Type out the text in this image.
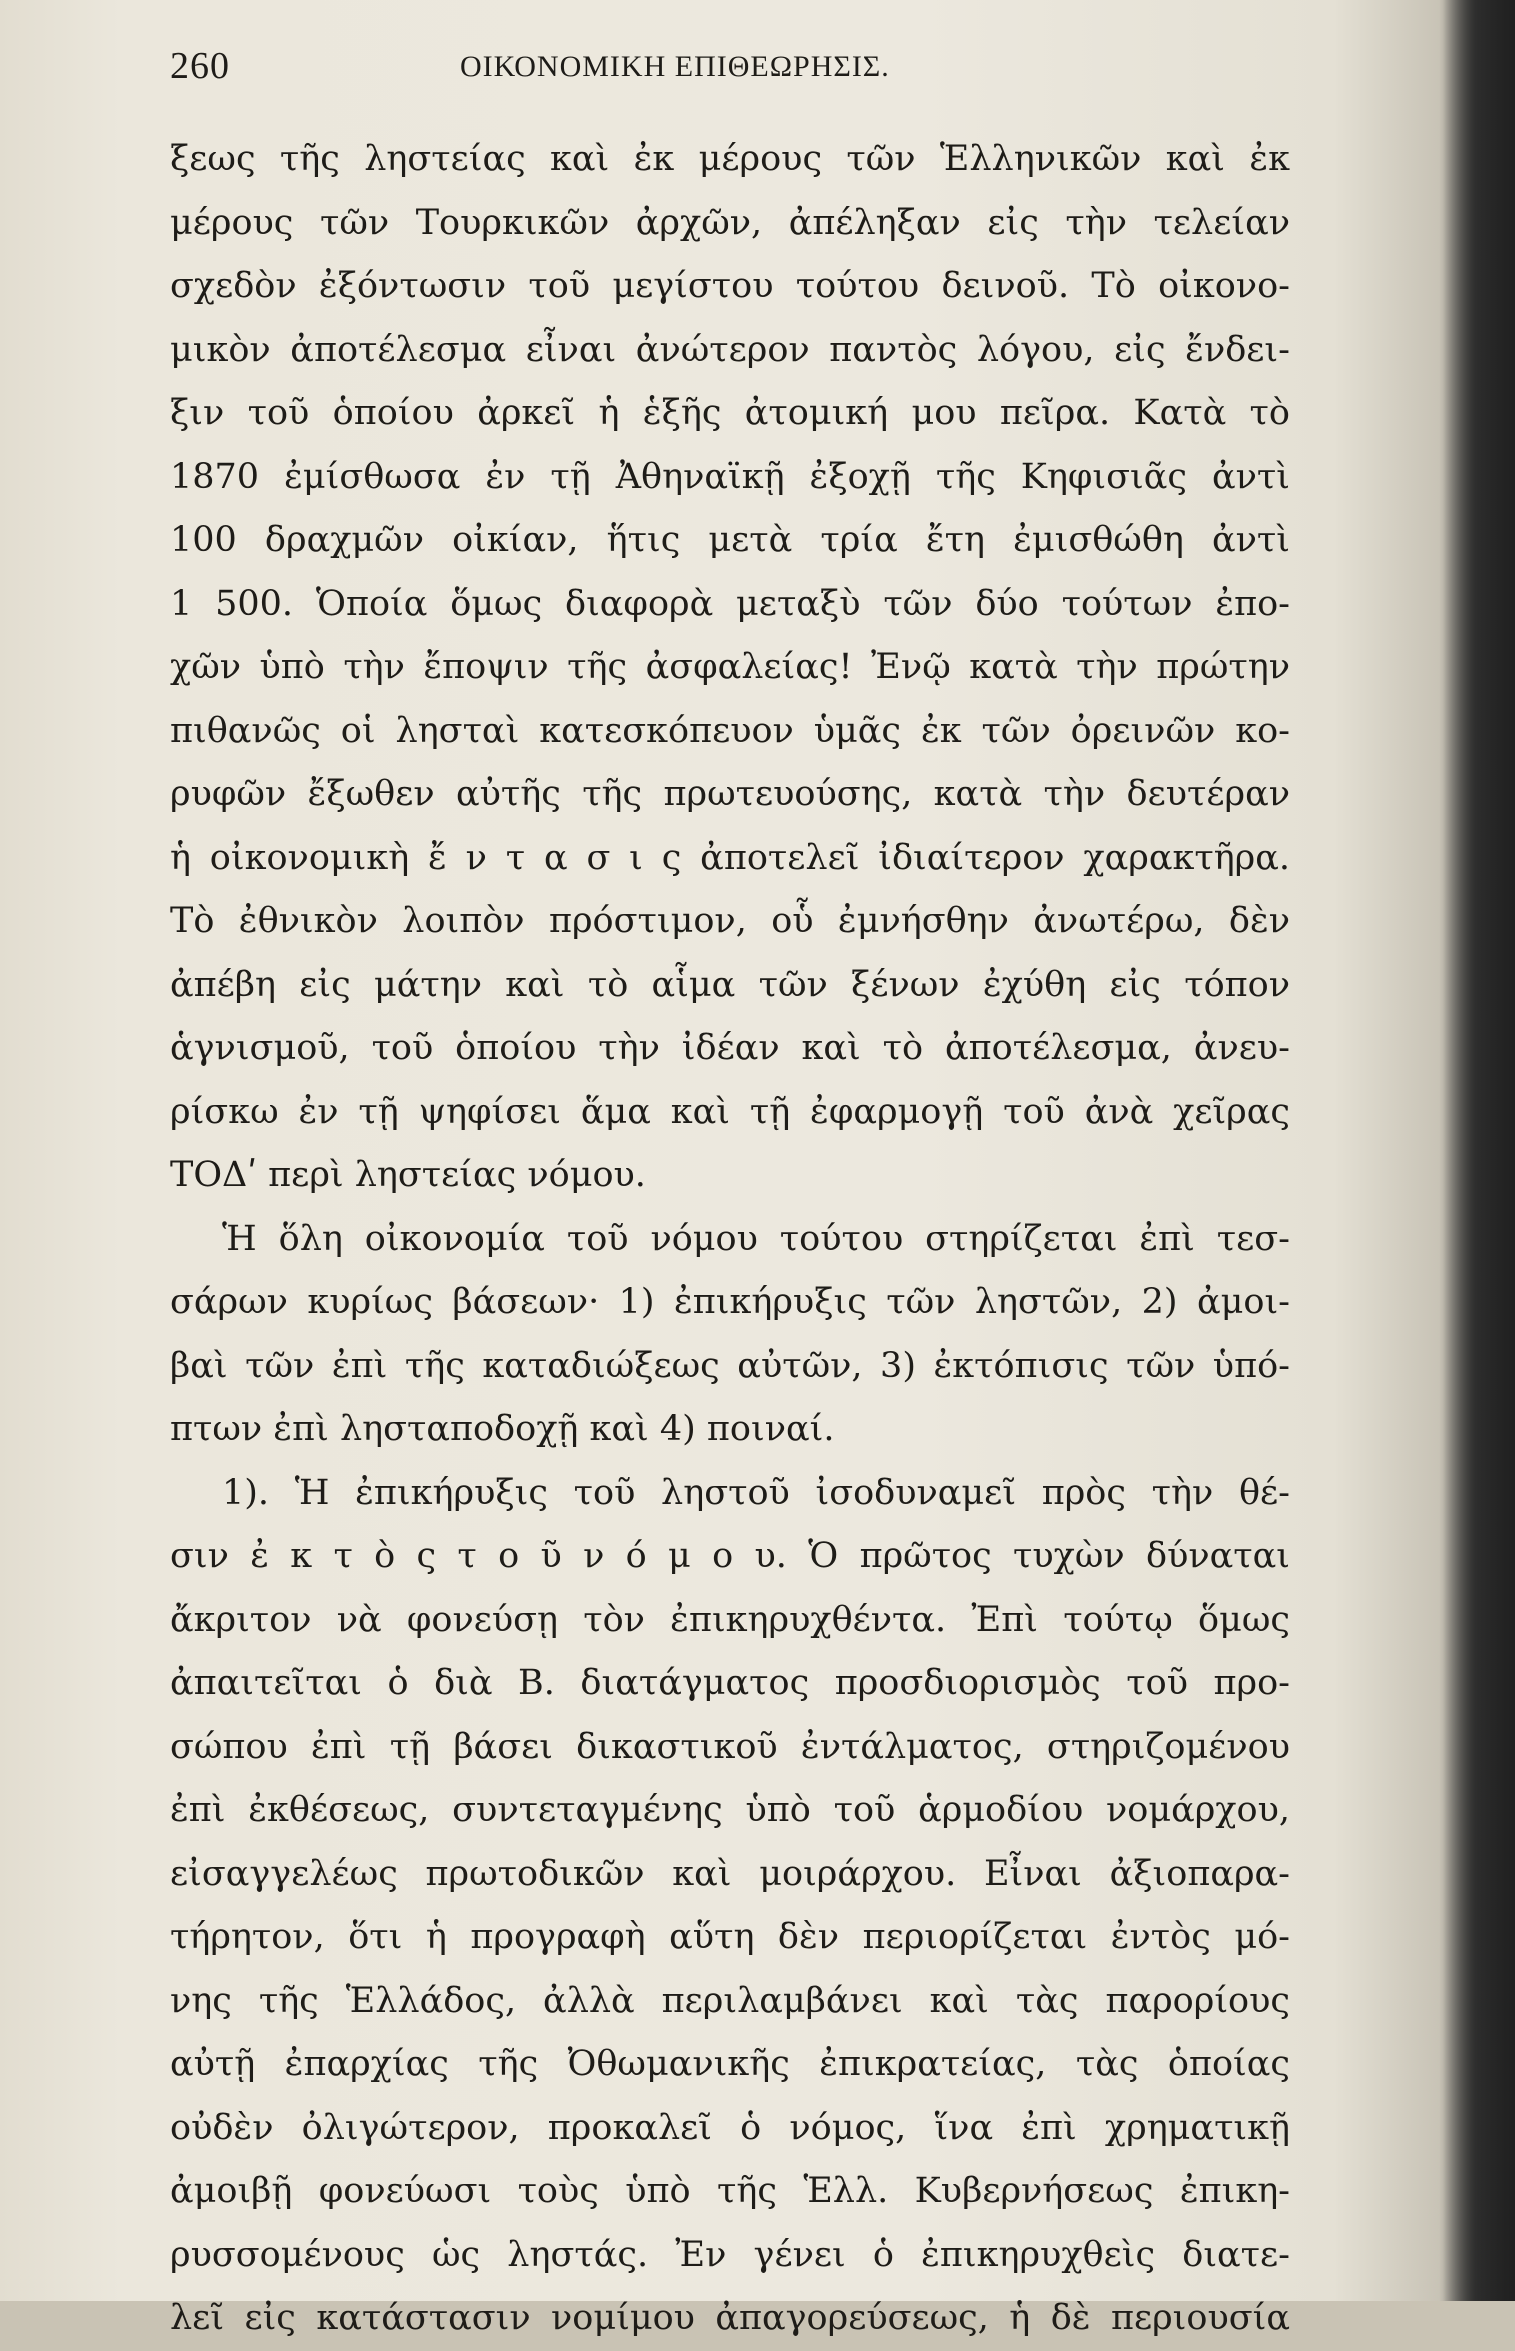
260	ΟΙΚΟΝΟΜΙΚΗ ΕΠΙΘΕΩΡΗΣΙΣ.
ξεως τῆς ληστείας καὶ ἐκ μέρους τῶν Ἑλληνικῶν καὶ ἐκ
μέρους τῶν Τουρκικῶν ἀρχῶν, ἀπέληξαν εἰς τὴν τελείαν
σχεδὸν ἐξόντωσιν τοῦ μεγίστου τούτου δεινοῦ. Τὸ οἰκονο-
μικὸν ἀποτέλεσμα εἶναι ἀνώτερον παντὸς λόγου, εἰς ἔνδει-
ξιν τοῦ ὁποίου ἀρκεῖ ἡ ἑξῆς ἀτομική μου πεῖρα. Κατὰ τὸ
1870 ἐμίσθωσα ἐν τῇ Ἀθηναϊκῇ ἐξοχῇ τῆς Κηφισιᾶς ἀντὶ
100 δραχμῶν οἰκίαν, ἥτις μετὰ τρία ἔτη ἐμισθώθη ἀντὶ
1 500. Ὁποία ὅμως διαφορὰ μεταξὺ τῶν δύο τούτων ἐπο-
χῶν ὑπὸ τὴν ἔποψιν τῆς ἀσφαλείας! Ἐνῷ κατὰ τὴν πρώτην
πιθανῶς οἱ λησταὶ κατεσκόπευον ὑμᾶς ἐκ τῶν ὀρεινῶν κο-
ρυφῶν ἔξωθεν αὐτῆς τῆς πρωτευούσης, κατὰ τὴν δευτέραν
ἡ οἰκονομικὴ ἔ ν τ α σ ι ς ἀποτελεῖ ἰδιαίτερον χαρακτῆρα.
Τὸ ἐθνικὸν λοιπὸν πρόστιμον, οὗ ἐμνήσθην ἀνωτέρω, δὲν
ἀπέβη εἰς μάτην καὶ τὸ αἷμα τῶν ξένων ἐχύθη εἰς τόπον
ἁγνισμοῦ, τοῦ ὁποίου τὴν ἰδέαν καὶ τὸ ἀποτέλεσμα, ἀνευ-
ρίσκω ἐν τῇ ψηφίσει ἅμα καὶ τῇ ἐφαρμογῇ τοῦ ἀνὰ χεῖρας
ΤΟΔʹ περὶ ληστείας νόμου.
Ἡ ὅλη οἰκονομία τοῦ νόμου τούτου στηρίζεται ἐπὶ τεσ-
σάρων κυρίως βάσεων· 1) ἐπικήρυξις τῶν ληστῶν, 2) ἀμοι-
βαὶ τῶν ἐπὶ τῆς καταδιώξεως αὐτῶν, 3) ἐκτόπισις τῶν ὑπό-
πτων ἐπὶ λησταποδοχῇ καὶ 4) ποιναί.
1). Ἡ ἐπικήρυξις τοῦ ληστοῦ ἰσοδυναμεῖ πρὸς τὴν θέ-
σιν ἐ κ τ ὸ ς τ ο ῦ ν ό μ ο υ. Ὁ πρῶτος τυχὼν δύναται
ἄκριτον νὰ φονεύσῃ τὸν ἐπικηρυχθέντα. Ἐπὶ τούτῳ ὅμως
ἀπαιτεῖται ὁ διὰ Β. διατάγματος προσδιορισμὸς τοῦ προ-
σώπου ἐπὶ τῇ βάσει δικαστικοῦ ἐντάλματος, στηριζομένου
ἐπὶ ἐκθέσεως, συντεταγμένης ὑπὸ τοῦ ἁρμοδίου νομάρχου,
εἰσαγγελέως πρωτοδικῶν καὶ μοιράρχου. Εἶναι ἀξιοπαρα-
τήρητον, ὅτι ἡ προγραφὴ αὕτη δὲν περιορίζεται ἐντὸς μό-
νης τῆς Ἑλλάδος, ἀλλὰ περιλαμβάνει καὶ τὰς παρορίους
αὐτῇ ἐπαρχίας τῆς Ὀθωμανικῆς ἐπικρατείας, τὰς ὁποίας
οὐδὲν ὀλιγώτερον, προκαλεῖ ὁ νόμος, ἵνα ἐπὶ χρηματικῇ
ἀμοιβῇ φονεύωσι τοὺς ὑπὸ τῆς Ἑλλ. Κυβερνήσεως ἐπικη-
ρυσσομένους ὡς ληστάς. Ἐν γένει ὁ ἐπικηρυχθεὶς διατε-
λεῖ εἰς κατάστασιν νομίμου ἀπαγορεύσεως, ἡ δὲ περιουσία
